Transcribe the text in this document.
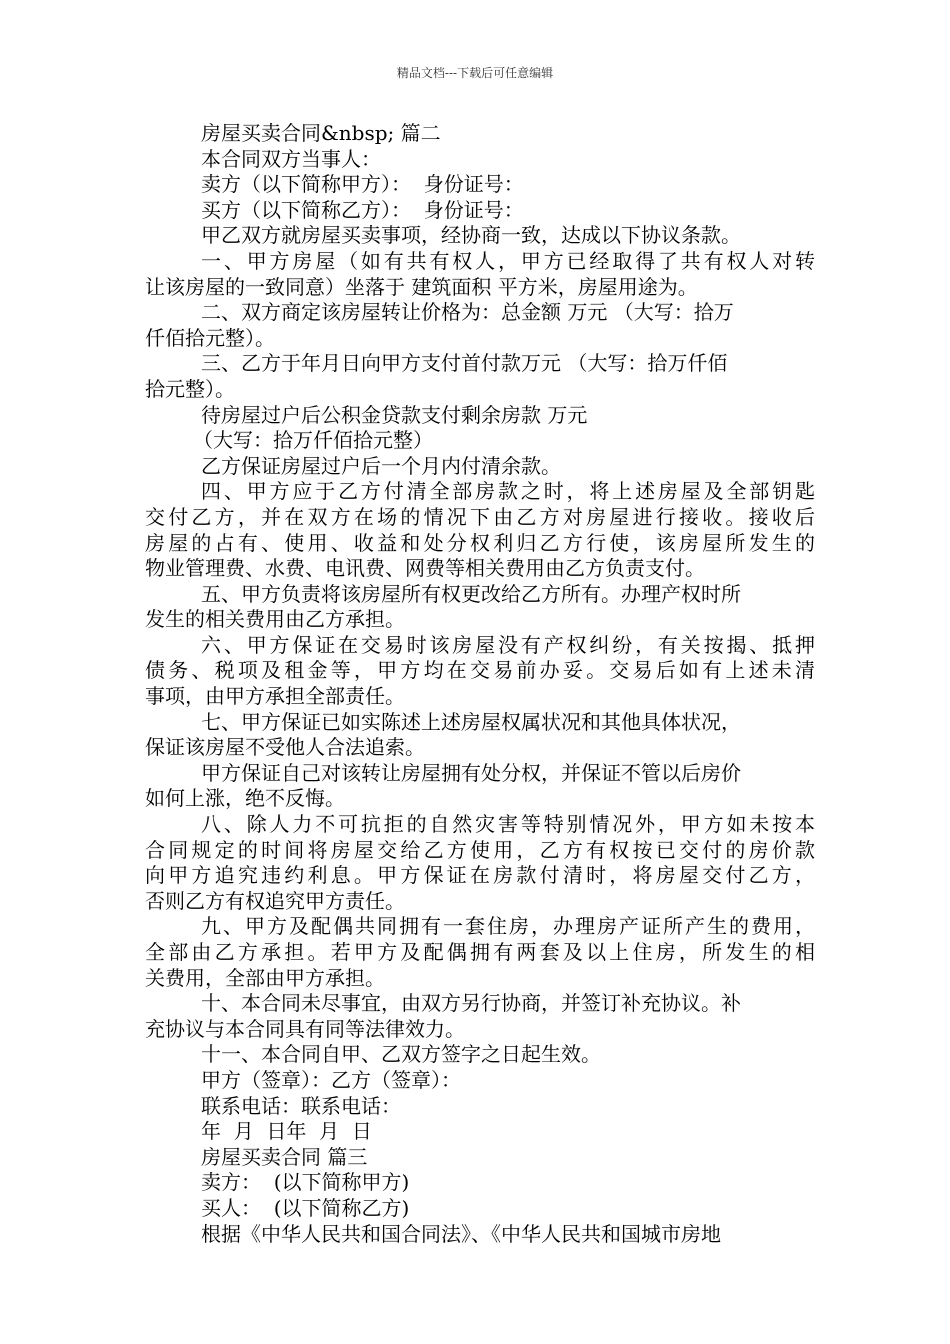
精品文档---下载后可任意编辑
房屋买卖合同&nbsp; 篇二
本合同双方当事人：
卖方（以下简称甲方）：  身份证号：
买方（以下简称乙方）：  身份证号：
甲乙双方就房屋买卖事项，经协商一致，达成以下协议条款。
一、甲方房屋（如有共有权人，甲方已经取得了共有权人对转
让该房屋的一致同意）坐落于 建筑面积 平方米，房屋用途为。
二、双方商定该房屋转让价格为：总金额 万元 （大写：拾万
仟佰拾元整）。
三、乙方于年月日向甲方支付首付款万元 （大写：拾万仟佰
拾元整）。
待房屋过户后公积金贷款支付剩余房款 万元
（大写：拾万仟佰拾元整）
乙方保证房屋过户后一个月内付清余款。
四、甲方应于乙方付清全部房款之时，将上述房屋及全部钥匙
交付乙方，并在双方在场的情况下由乙方对房屋进行接收。接收后
房屋的占有、使用、收益和处分权利归乙方行使，该房屋所发生的
物业管理费、水费、电讯费、网费等相关费用由乙方负责支付。
五、甲方负责将该房屋所有权更改给乙方所有。办理产权时所
发生的相关费用由乙方承担。
六、甲方保证在交易时该房屋没有产权纠纷，有关按揭、抵押
债务、税项及租金等，甲方均在交易前办妥。交易后如有上述未清
事项，由甲方承担全部责任。
七、甲方保证已如实陈述上述房屋权属状况和其他具体状况，
保证该房屋不受他人合法追索。
甲方保证自己对该转让房屋拥有处分权，并保证不管以后房价
如何上涨，绝不反悔。
八、除人力不可抗拒的自然灾害等特别情况外，甲方如未按本
合同规定的时间将房屋交给乙方使用，乙方有权按已交付的房价款
向甲方追究违约利息。甲方保证在房款付清时，将房屋交付乙方，
否则乙方有权追究甲方责任。
九、甲方及配偶共同拥有一套住房，办理房产证所产生的费用，
全部由乙方承担。若甲方及配偶拥有两套及以上住房，所发生的相
关费用，全部由甲方承担。
十、本合同未尽事宜，由双方另行协商，并签订补充协议。补
充协议与本合同具有同等法律效力。
十一、本合同自甲、乙双方签字之日起生效。
甲方（签章）：乙方（签章）：
联系电话：联系电话：
年  月  日年  月  日
房屋买卖合同 篇三
卖方：  (以下简称甲方)
买人：  (以下简称乙方)
根据《中华人民共和国合同法》、《中华人民共和国城市房地
